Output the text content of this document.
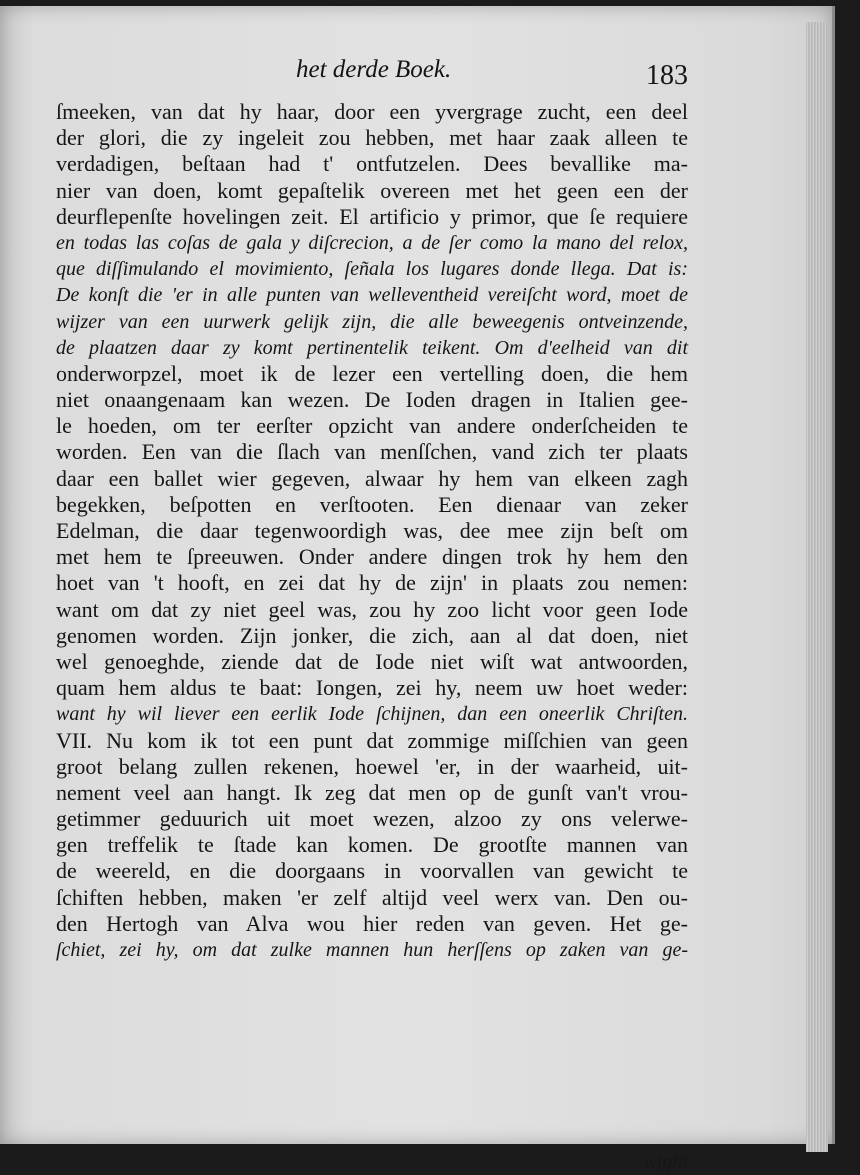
het derde Boek.	183
ſmeeken, van dat hy haar, door een yvergrage zucht, een deel
der glori, die zy ingeleit zou hebben, met haar zaak alleen te
verdadigen, beſtaan had t' ontfutzelen. Dees bevallike ma-
nier van doen, komt gepaſtelik overeen met het geen een der
deurflepenſte hovelingen zeit. El artificio y primor, que ſe requiere
en todas las coſas de gala y diſcrecion, a de ſer como la mano del relox,
que diſſimulando el movimiento, ſeñala los lugares donde llega. Dat is:
De konſt die 'er in alle punten van welleventheid vereiſcht word, moet de
wijzer van een uurwerk gelijk zijn, die alle beweegenis ontveinzende,
de plaatzen daar zy komt pertinentelik teikent. Om d'eelheid van dit
onderworpzel, moet ik de lezer een vertelling doen, die hem
niet onaangenaam kan wezen. De Ioden dragen in Italien gee-
le hoeden, om ter eerſter opzicht van andere onderſcheiden te
worden. Een van die ſlach van menſſchen, vand zich ter plaats
daar een ballet wier gegeven, alwaar hy hem van elkeen zagh
begekken, beſpotten en verſtooten. Een dienaar van zeker
Edelman, die daar tegenwoordigh was, dee mee zijn beſt om
met hem te ſpreeuwen. Onder andere dingen trok hy hem den
hoet van 't hooft, en zei dat hy de zijn' in plaats zou nemen:
want om dat zy niet geel was, zou hy zoo licht voor geen Iode
genomen worden. Zijn jonker, die zich, aan al dat doen, niet
wel genoeghde, ziende dat de Iode niet wiſt wat antwoorden,
quam hem aldus te baat: Iongen, zei hy, neem uw hoet weder:
want hy wil liever een eerlik Iode ſchijnen, dan een oneerlik Chriſten.
VII. Nu kom ik tot een punt dat zommige miſſchien van geen
groot belang zullen rekenen, hoewel 'er, in der waarheid, uit-
nement veel aan hangt. Ik zeg dat men op de gunſt van't vrou-
getimmer geduurich uit moet wezen, alzoo zy ons velerwe-
gen treffelik te ſtade kan komen. De grootſte mannen van
de weereld, en die doorgaans in voorvallen van gewicht te
ſchiften hebben, maken 'er zelf altijd veel werx van. Den ou-
den Hertogh van Alva wou hier reden van geven. Het ge-
ſchiet, zei hy, om dat zulke mannen hun herſſens op zaken van ge-
wight
